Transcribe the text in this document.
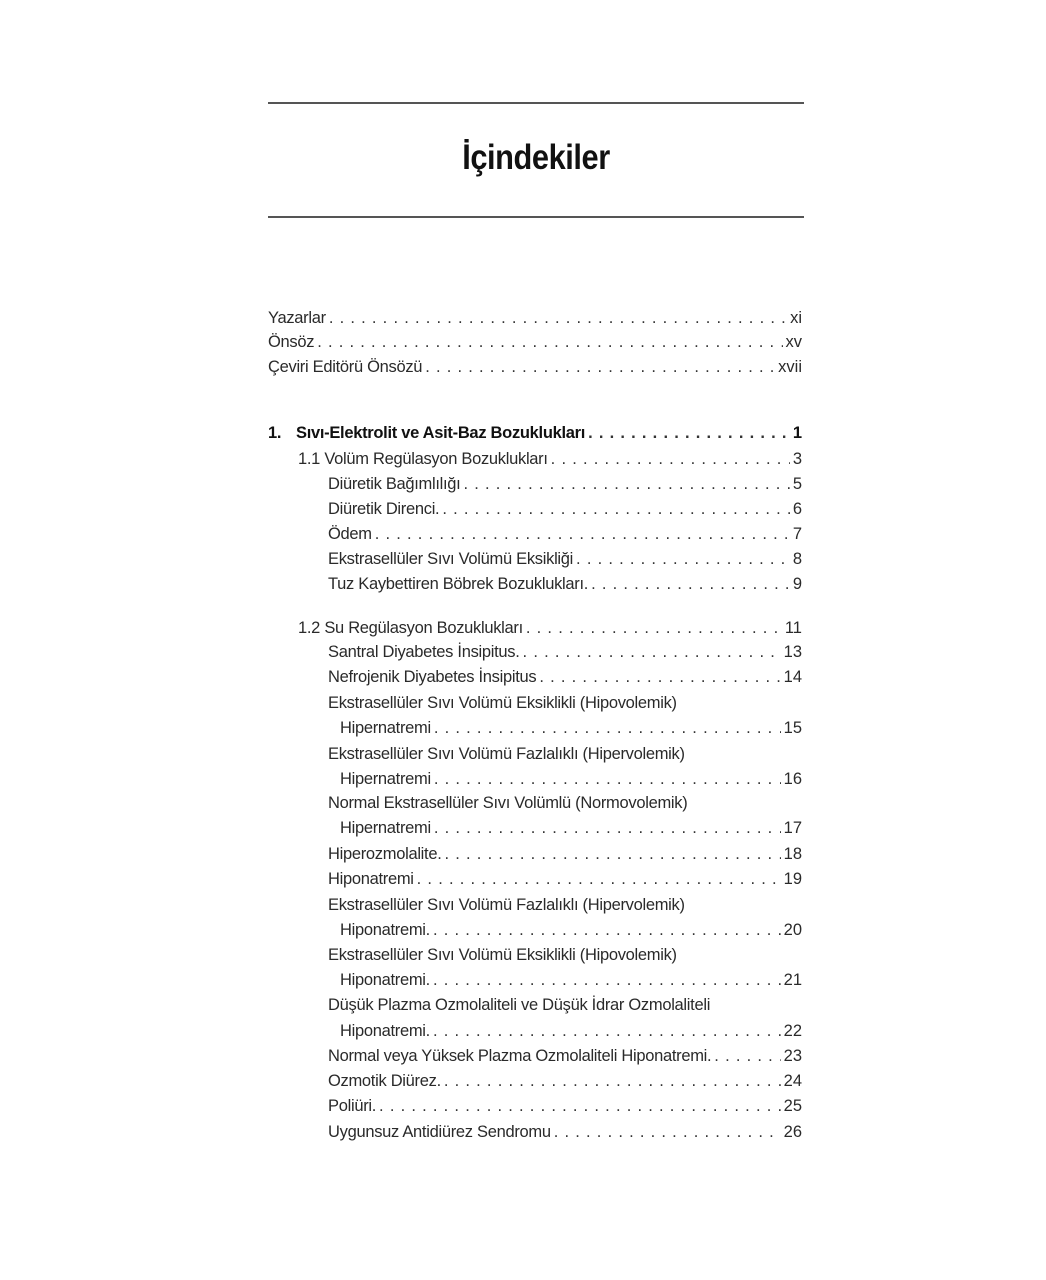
İçindekiler
Yazarlar . . .	xi
Önsöz . . .	xv
Çeviri Editörü Önsözü . . .	xvii
1. Sıvı-Elektrolit ve Asit-Baz Bozuklukları . . .	1
1.1 Volüm Regülasyon Bozuklukları . . .	3
Diüretik Bağımlılığı . . .	5
Diüretik Direnci. . . .	6
Ödem . . .	7
Ekstrasellüler Sıvı Volümü Eksikliği . . .	8
Tuz Kaybettiren Böbrek Bozuklukları. . . .	9
1.2 Su Regülasyon Bozuklukları . . .	11
Santral Diyabetes İnsipitus. . . .	13
Nefrojenik Diyabetes İnsipitus . . .	14
Ekstrasellüler Sıvı Volümü Eksiklikli (Hipovolemik)
Hipernatremi . . .	15
Ekstrasellüler Sıvı Volümü Fazlalıklı (Hipervolemik)
Hipernatremi . . .	16
Normal Ekstrasellüler Sıvı Volümlü (Normovolemik)
Hipernatremi . . .	17
Hiperozmolalite. . . .	18
Hiponatremi . . .	19
Ekstrasellüler Sıvı Volümü Fazlalıklı (Hipervolemik)
Hiponatremi. . . .	20
Ekstrasellüler Sıvı Volümü Eksiklikli (Hipovolemik)
Hiponatremi. . . .	21
Düşük Plazma Ozmolaliteli ve Düşük İdrar Ozmolaliteli
Hiponatremi. . . .	22
Normal veya Yüksek Plazma Ozmolaliteli Hiponatremi. . . .	23
Ozmotik Diürez. . . .	24
Poliüri. . . .	25
Uygunsuz Antidiürez Sendromu . . .	26
